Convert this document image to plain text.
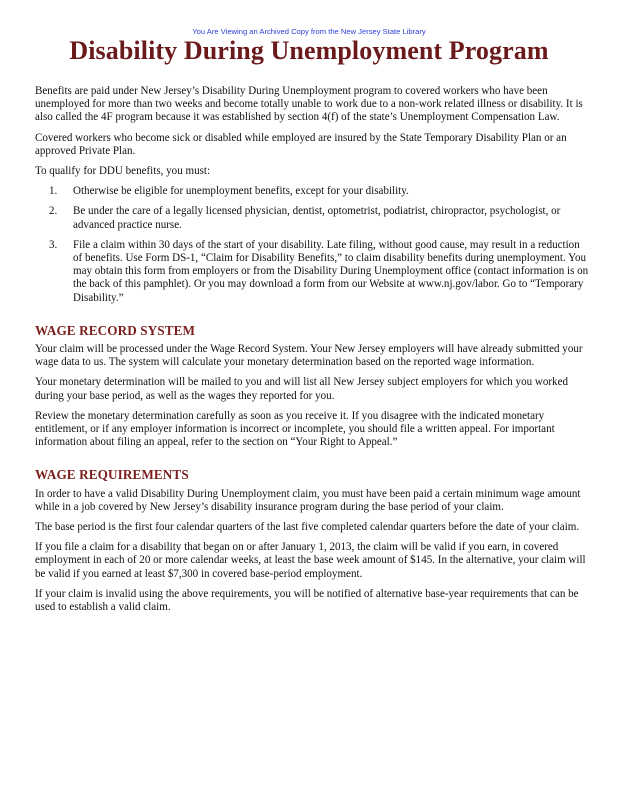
You Are Viewing an Archived Copy from the New Jersey State Library
Disability During Unemployment Program

Benefits are paid under New Jersey’s Disability During Unemployment program to covered workers who have been unemployed for more than two weeks and become totally unable to work due to a non-work related illness or disability. It is also called the 4F program because it was established by section 4(f) of the state’s Unemployment Compensation Law.

Covered workers who become sick or disabled while employed are insured by the State Temporary Disability Plan or an approved Private Plan.

To qualify for DDU benefits, you must:

1. Otherwise be eligible for unemployment benefits, except for your disability.
2. Be under the care of a legally licensed physician, dentist, optometrist, podiatrist, chiropractor, psychologist, or advanced practice nurse.
3. File a claim within 30 days of the start of your disability. Late filing, without good cause, may result in a reduction of benefits. Use Form DS-1, “Claim for Disability Benefits,” to claim disability benefits during unemployment. You may obtain this form from employers or from the Disability During Unemployment office (contact information is on the back of this pamphlet). Or you may download a form from our Website at www.nj.gov/labor. Go to “Temporary Disability.”
WAGE RECORD SYSTEM

Your claim will be processed under the Wage Record System. Your New Jersey employers will have already submitted your wage data to us. The system will calculate your monetary determination based on the reported wage information.

Your monetary determination will be mailed to you and will list all New Jersey subject employers for which you worked during your base period, as well as the wages they reported for you.

Review the monetary determination carefully as soon as you receive it. If you disagree with the indicated monetary entitlement, or if any employer information is incorrect or incomplete, you should file a written appeal. For important information about filing an appeal, refer to the section on “Your Right to Appeal.”

WAGE REQUIREMENTS

In order to have a valid Disability During Unemployment claim, you must have been paid a certain minimum wage amount while in a job covered by New Jersey’s disability insurance program during the base period of your claim.

The base period is the first four calendar quarters of the last five completed calendar quarters before the date of your claim.

If you file a claim for a disability that began on or after January 1, 2013, the claim will be valid if you earn, in covered employment in each of 20 or more calendar weeks, at least the base week amount of $145. In the alternative, your claim will be valid if you earned at least $7,300 in covered base-period employment.

If your claim is invalid using the above requirements, you will be notified of alternative base-year requirements that can be used to establish a valid claim.
